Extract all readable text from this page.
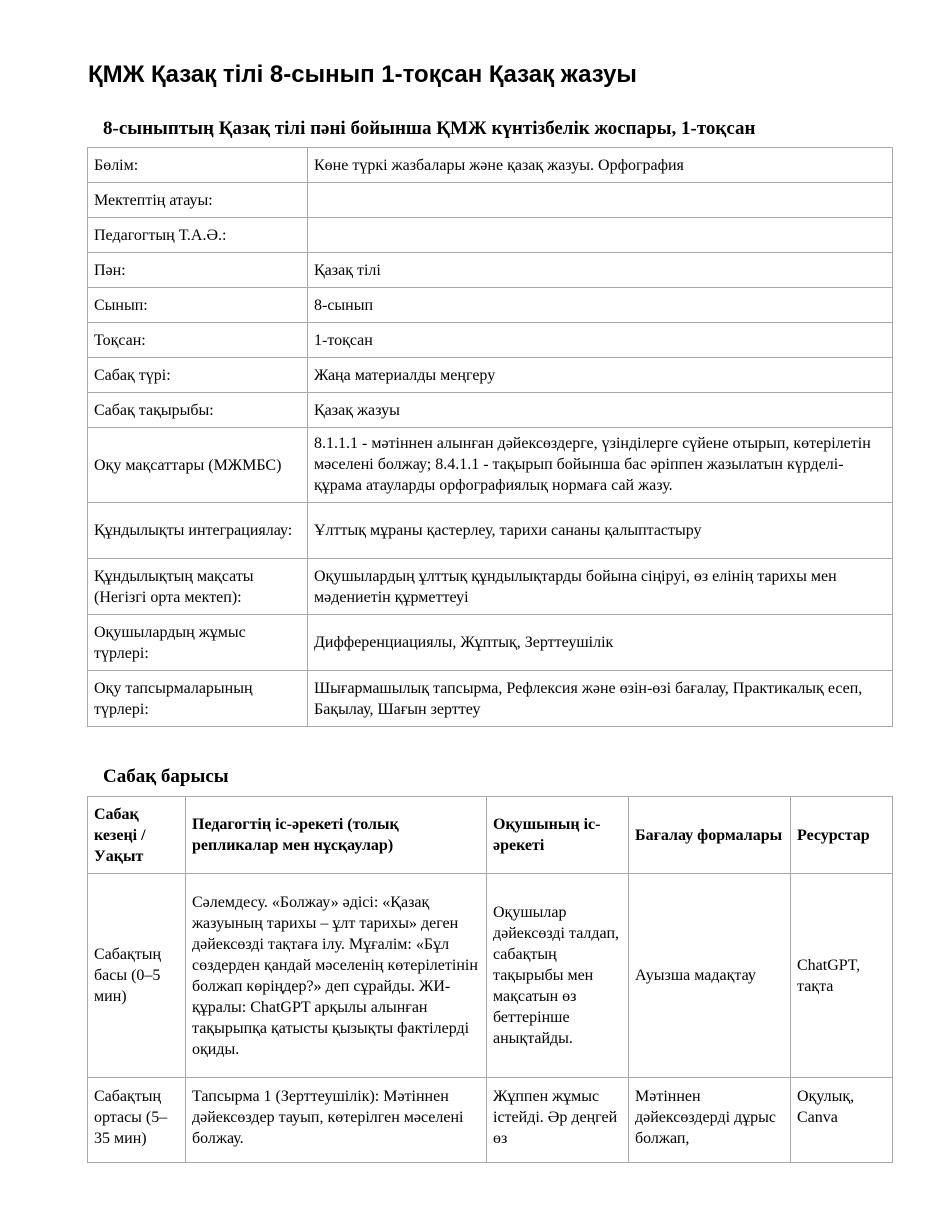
ҚМЖ Қазақ тілі 8-сынып 1-тоқсан Қазақ жазуы
8-сыныптың Қазақ тілі пәні бойынша ҚМЖ күнтізбелік жоспары, 1-тоқсан
Бөлім:	Көне түркі жазбалары және қазақ жазуы. Орфография
Мектептің атауы:	
Педагогтың Т.А.Ә.:	
Пән:	Қазақ тілі
Сынып:	8-сынып
Тоқсан:	1-тоқсан
Сабақ түрі:	Жаңа материалды меңгеру
Сабақ тақырыбы:	Қазақ жазуы
Оқу мақсаттары (МЖМБС)	8.1.1.1 - мәтіннен алынған дәйексөздерге, үзінділерге сүйене отырып, көтерілетін мәселені болжау; 8.4.1.1 - тақырып бойынша бас әріппен жазылатын күрделі-құрама атауларды орфографиялық нормаға сай жазу.
Құндылықты интеграциялау:	Ұлттық мұраны қастерлеу, тарихи сананы қалыптастыру
Құндылықтың мақсаты (Негізгі орта мектеп):	Оқушылардың ұлттық құндылықтарды бойына сіңіруі, өз елінің тарихы мен мәдениетін құрметтеуі
Оқушылардың жұмыс түрлері:	Дифференциациялы, Жұптық, Зерттеушілік
Оқу тапсырмаларының түрлері:	Шығармашылық тапсырма, Рефлексия және өзін-өзі бағалау, Практикалық есеп, Бақылау, Шағын зерттеу
Сабақ барысы
Сабақ кезеңі / Уақыт	Педагогтің іс-әрекеті (толық репликалар мен нұсқаулар)	Оқушының іс-әрекеті	Бағалау формалары	Ресурстар
Сабақтың басы (0–5 мин)	Сәлемдесу. «Болжау» әдісі: «Қазақ жазуының тарихы – ұлт тарихы» деген дәйексөзді тақтаға ілу. Мұғалім: «Бұл сөздерден қандай мәселенің көтерілетінін болжап көріңдер?» деп сұрайды. ЖИ-құралы: ChatGPT арқылы алынған тақырыпқа қатысты қызықты фактілерді оқиды.	Оқушылар дәйексөзді талдап, сабақтың тақырыбы мен мақсатын өз беттерінше анықтайды.	Ауызша мадақтау	ChatGPT, тақта
Сабақтың ортасы (5–35 мин)	Тапсырма 1 (Зерттеушілік): Мәтіннен дәйексөздер тауып, көтерілген мәселені болжау.	Жұппен жұмыс істейді. Әр деңгей өз	Мәтіннен дәйексөздерді дұрыс болжап,	Оқулық, Canva
